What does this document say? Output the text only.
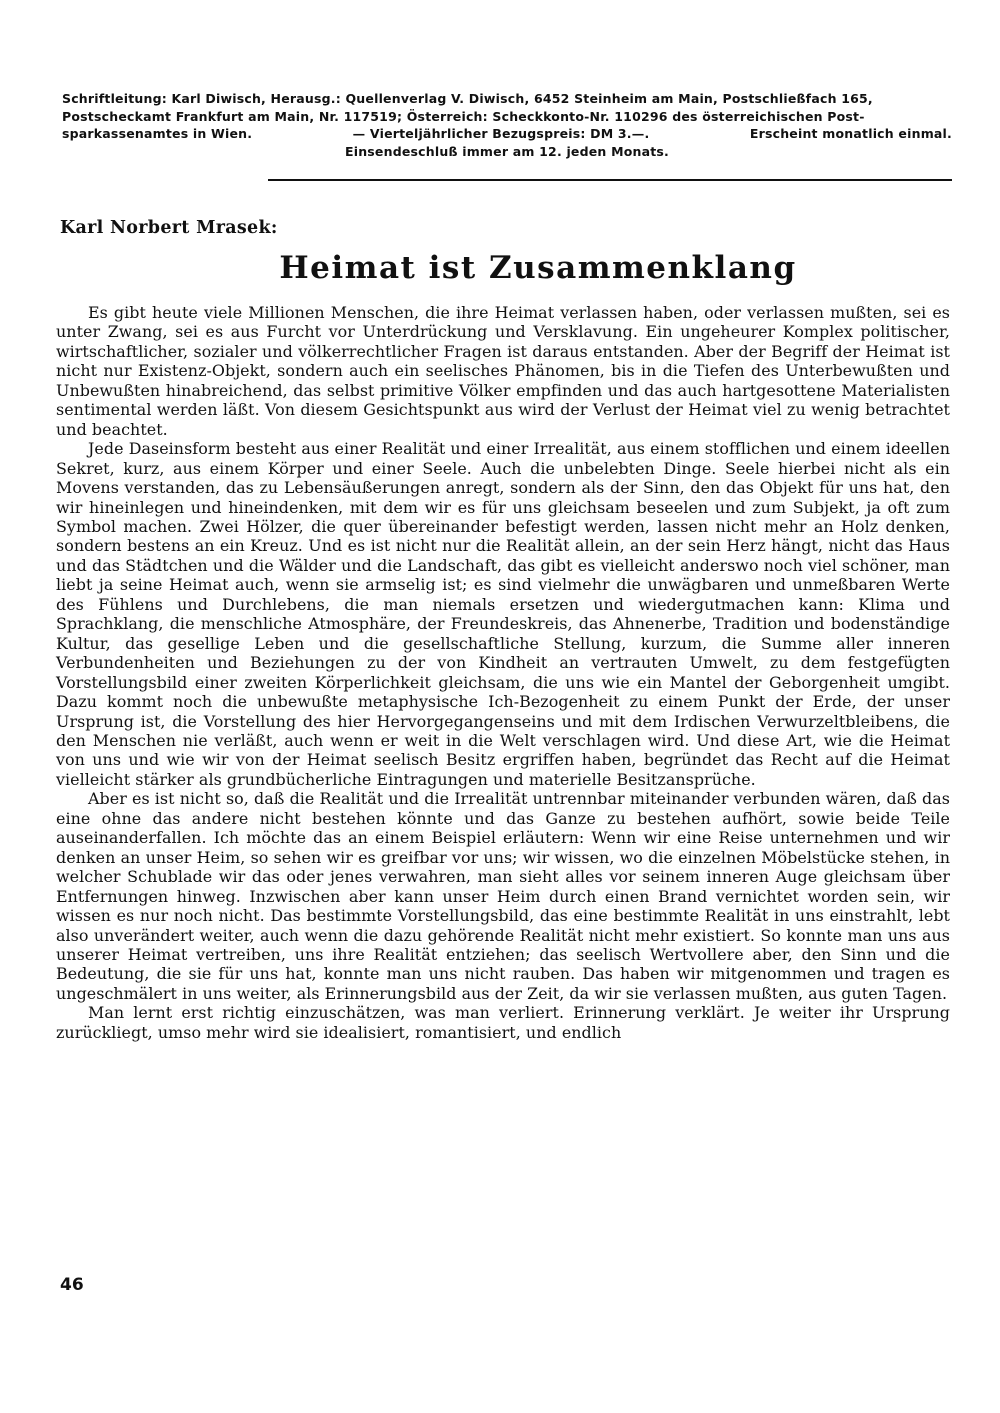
Schriftleitung: Karl Diwisch, Herausg.: Quellenverlag V. Diwisch, 6452 Steinheim am Main, Postschließfach 165,
Postscheckamt Frankfurt am Main, Nr. 117519; Österreich: Scheckkonto-Nr. 110296 des österreichischen Post-
sparkassenamtes in Wien.	— Vierteljährlicher Bezugspreis: DM 3.—.	Erscheint monatlich einmal.
Einsendeschluß immer am 12. jeden Monats.
Karl Norbert Mrasek:
Heimat ist Zusammenklang

Es gibt heute viele Millionen Menschen, die ihre Heimat verlassen haben, oder verlassen mußten, sei es unter Zwang, sei es aus Furcht vor Unterdrückung und Versklavung. Ein ungeheurer Komplex politischer, wirtschaftlicher, sozialer und völkerrechtlicher Fragen ist daraus entstanden. Aber der Begriff der Heimat ist nicht nur Existenz-Objekt, sondern auch ein seelisches Phänomen, bis in die Tiefen des Unterbewußten und Unbewußten hinabreichend, das selbst primitive Völker empfinden und das auch hartgesottene Materialisten sentimental werden läßt. Von diesem Gesichtspunkt aus wird der Verlust der Heimat viel zu wenig betrachtet und beachtet.

Jede Daseinsform besteht aus einer Realität und einer Irrealität, aus einem stofflichen und einem ideellen Sekret, kurz, aus einem Körper und einer Seele. Auch die unbelebten Dinge. Seele hierbei nicht als ein Movens verstanden, das zu Lebensäußerungen anregt, sondern als der Sinn, den das Objekt für uns hat, den wir hineinlegen und hineindenken, mit dem wir es für uns gleichsam beseelen und zum Subjekt, ja oft zum Symbol machen. Zwei Hölzer, die quer übereinander befestigt werden, lassen nicht mehr an Holz denken, sondern bestens an ein Kreuz. Und es ist nicht nur die Realität allein, an der sein Herz hängt, nicht das Haus und das Städtchen und die Wälder und die Landschaft, das gibt es vielleicht anderswo noch viel schöner, man liebt ja seine Heimat auch, wenn sie armselig ist; es sind vielmehr die unwägbaren und unmeßbaren Werte des Fühlens und Durchlebens, die man niemals ersetzen und wiedergutmachen kann: Klima und Sprachklang, die menschliche Atmosphäre, der Freundeskreis, das Ahnenerbe, Tradition und bodenständige Kultur, das gesellige Leben und die gesellschaftliche Stellung, kurzum, die Summe aller inneren Verbundenheiten und Beziehungen zu der von Kindheit an vertrauten Umwelt, zu dem festgefügten Vorstellungsbild einer zweiten Körperlichkeit gleichsam, die uns wie ein Mantel der Geborgenheit umgibt. Dazu kommt noch die unbewußte metaphysische Ich-Bezogenheit zu einem Punkt der Erde, der unser Ursprung ist, die Vorstellung des hier Hervorgegangenseins und mit dem Irdischen Verwurzeltbleibens, die den Menschen nie verläßt, auch wenn er weit in die Welt verschlagen wird. Und diese Art, wie die Heimat von uns und wie wir von der Heimat seelisch Besitz ergriffen haben, begründet das Recht auf die Heimat vielleicht stärker als grundbücherliche Eintragungen und materielle Besitzansprüche.

Aber es ist nicht so, daß die Realität und die Irrealität untrennbar miteinander verbunden wären, daß das eine ohne das andere nicht bestehen könnte und das Ganze zu bestehen aufhört, sowie beide Teile auseinanderfallen. Ich möchte das an einem Beispiel erläutern: Wenn wir eine Reise unternehmen und wir denken an unser Heim, so sehen wir es greifbar vor uns; wir wissen, wo die einzelnen Möbelstücke stehen, in welcher Schublade wir das oder jenes verwahren, man sieht alles vor seinem inneren Auge gleichsam über Entfernungen hinweg. Inzwischen aber kann unser Heim durch einen Brand vernichtet worden sein, wir wissen es nur noch nicht. Das bestimmte Vorstellungsbild, das eine bestimmte Realität in uns einstrahlt, lebt also unverändert weiter, auch wenn die dazu gehörende Realität nicht mehr existiert. So konnte man uns aus unserer Heimat vertreiben, uns ihre Realität entziehen; das seelisch Wertvollere aber, den Sinn und die Bedeutung, die sie für uns hat, konnte man uns nicht rauben. Das haben wir mitgenommen und tragen es ungeschmälert in uns weiter, als Erinnerungsbild aus der Zeit, da wir sie verlassen mußten, aus guten Tagen.

Man lernt erst richtig einzuschätzen, was man verliert. Erinnerung verklärt. Je weiter ihr Ursprung zurückliegt, umso mehr wird sie idealisiert, romantisiert, und endlich

46
